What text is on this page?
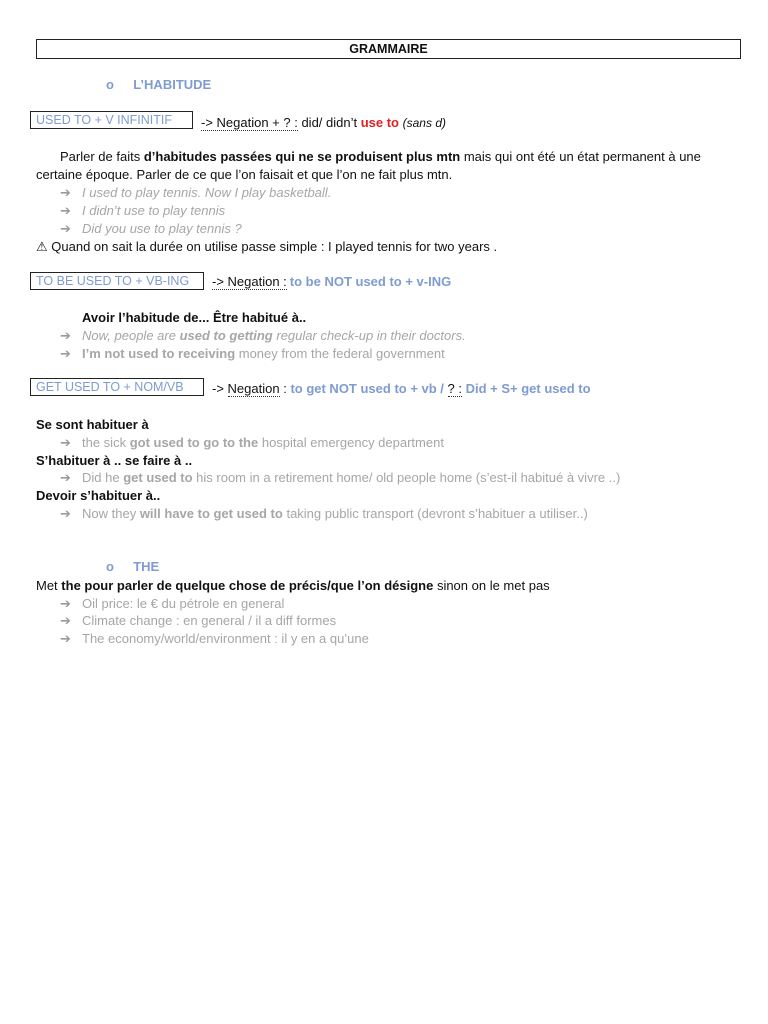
GRAMMAIRE
o L’HABITUDE
USED TO + V INFINITIF	-> Negation + ? : did/ didn’t use to (sans d)
Parler de faits d’habitudes passées qui ne se produisent plus mtn mais qui ont été un état permanent à une certaine époque. Parler de ce que l’on faisait et que l’on ne fait plus mtn.
➔ I used to play tennis. Now I play basketball.
➔ I didn’t use to play tennis
➔ Did you use to play tennis ?
⚠ Quand on sait la durée on utilise passe simple : I played tennis for two years .
TO BE USED TO + VB-ING	-> Negation : to be NOT used to + v-ING
Avoir l’habitude de... Être habitué à..
➔ Now, people are used to getting regular check-up in their doctors.
➔ I’m not used to receiving money from the federal government
GET USED TO + NOM/VB	-> Negation : to get NOT used to + vb / ? : Did + S+ get used to
Se sont habituer à
➔ the sick got used to go to the hospital emergency department
S’habituer à .. se faire à ..
➔ Did he get used to his room in a retirement home/ old people home (s’est-il habitué à vivre ..)
Devoir s’habituer à..
➔ Now they will have to get used to taking public transport (devront s’habituer a utiliser..)
o THE
Met the pour parler de quelque chose de précis/que l’on désigne sinon on le met pas
➔ Oil price: le € du pétrole en general
➔ Climate change : en general / il a diff formes
➔ The economy/world/environment : il y en a qu’une
